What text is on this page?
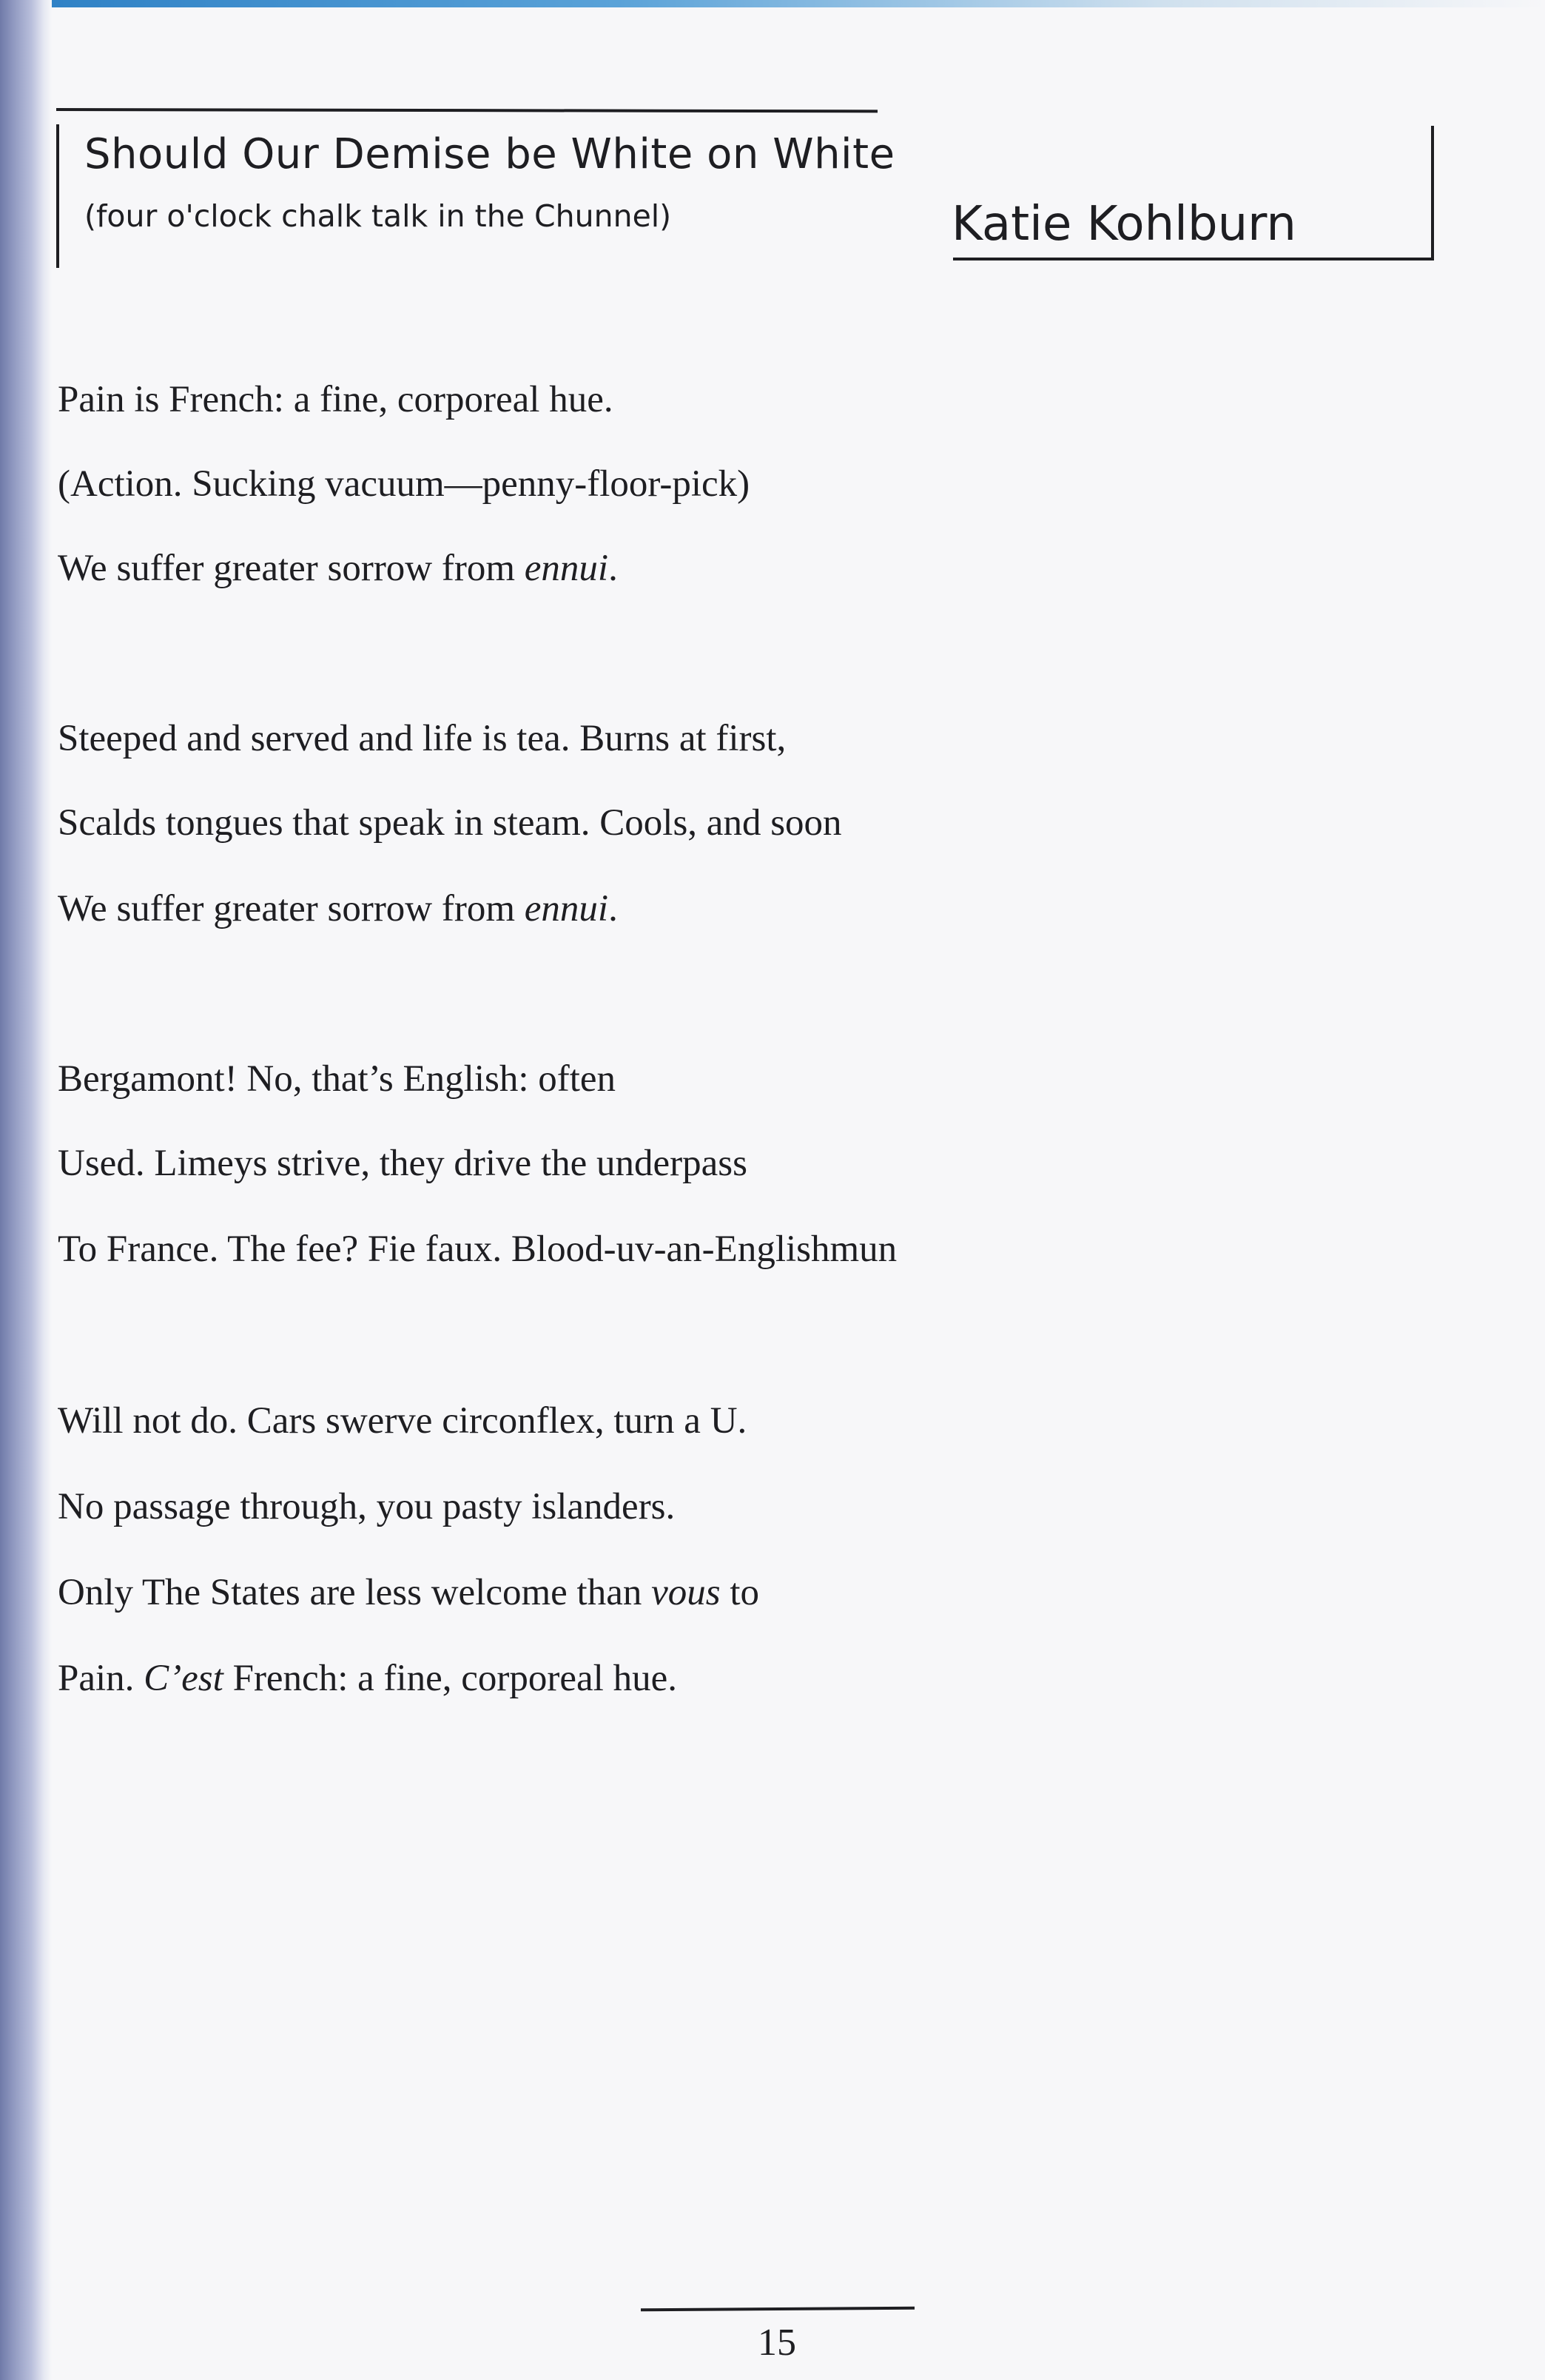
Should Our Demise be White on White
(four o'clock chalk talk in the Chunnel)	Katie Kohlburn
Pain is French: a fine, corporeal hue.
(Action. Sucking vacuum—penny-floor-pick)
We suffer greater sorrow from ennui.
Steeped and served and life is tea. Burns at first,
Scalds tongues that speak in steam. Cools, and soon
We suffer greater sorrow from ennui.
Bergamont! No, that’s English: often
Used. Limeys strive, they drive the underpass
To France. The fee? Fie faux. Blood-uv-an-Englishmun
Will not do. Cars swerve circonflex, turn a U.
No passage through, you pasty islanders.
Only The States are less welcome than vous to
Pain. C’est French: a fine, corporeal hue.
15
